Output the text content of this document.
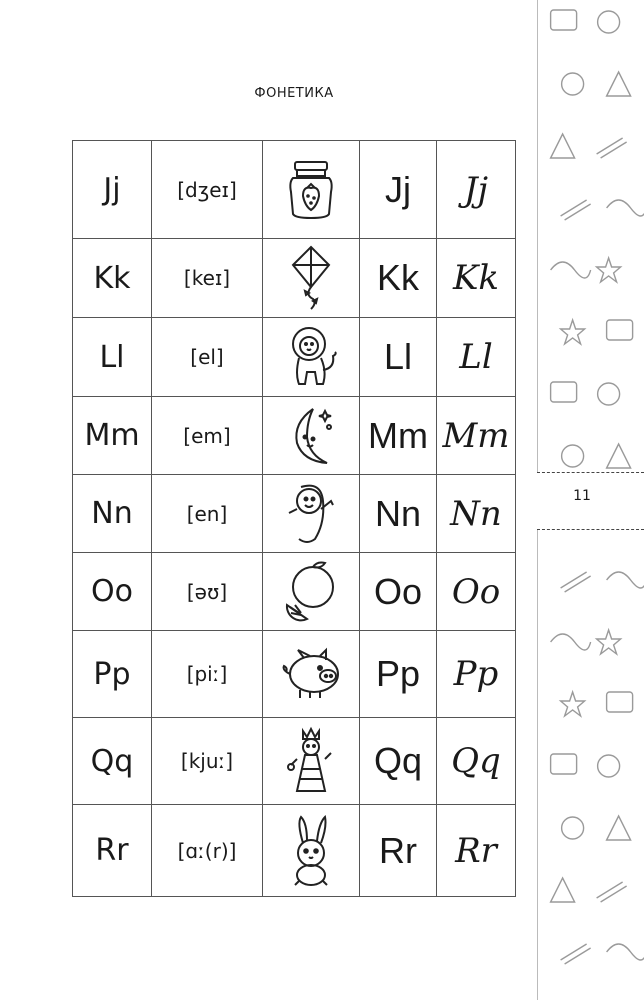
ФОНЕТИКА
Jj	[dʒeɪ]		Jj	Jj
Kk	[keɪ]		Kk	Kk
Ll	[el]		Ll	Ll
Mm	[em]		Mm	Mm
Nn	[en]		Nn	Nn
Oo	[əʊ]		Oo	Oo
Pp	[piː]		Pp	Pp
Qq	[kjuː]		Qq	Qq
Rr	[ɑː(r)]		Rr	Rr
11
